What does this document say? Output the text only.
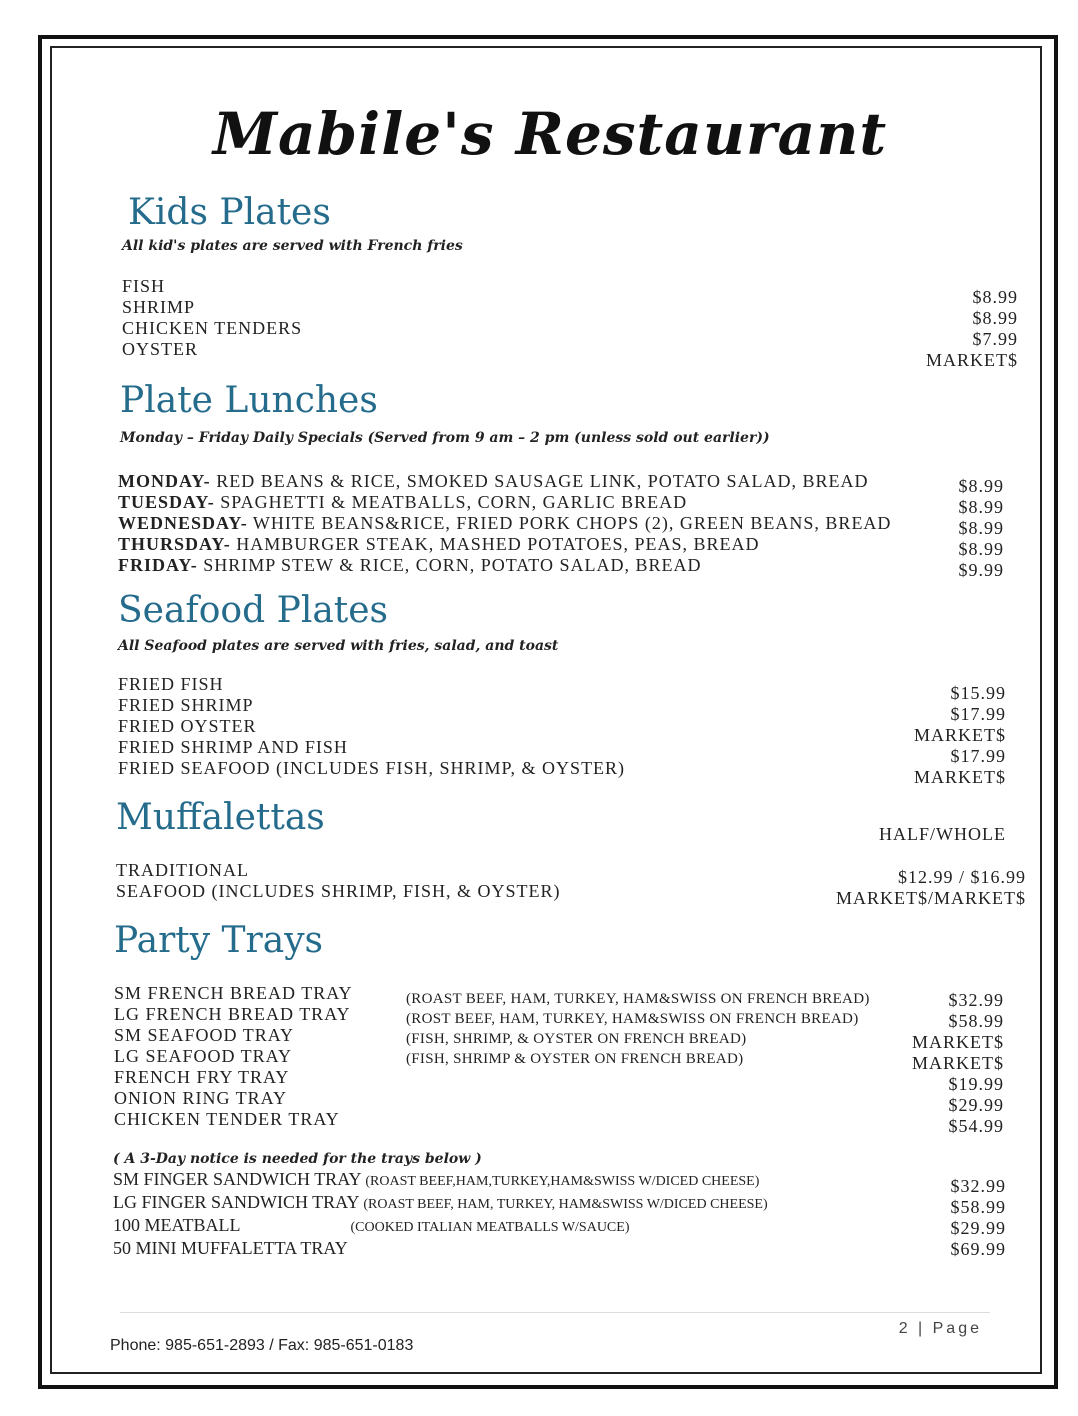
Mabile's Restaurant
Kids Plates
All kid's plates are served with French fries
FISH
SHRIMP
CHICKEN TENDERS
OYSTER
$8.99
$8.99
$7.99
MARKET$
Plate Lunches
Monday – Friday Daily Specials (Served from 9 am – 2 pm (unless sold out earlier))
MONDAY- RED BEANS & RICE, SMOKED SAUSAGE LINK, POTATO SALAD, BREAD
TUESDAY- SPAGHETTI & MEATBALLS, CORN, GARLIC BREAD
WEDNESDAY- WHITE BEANS&RICE, FRIED PORK CHOPS (2), GREEN BEANS, BREAD
THURSDAY- HAMBURGER STEAK, MASHED POTATOES, PEAS, BREAD
FRIDAY- SHRIMP STEW & RICE, CORN, POTATO SALAD, BREAD
$8.99
$8.99
$8.99
$8.99
$9.99
Seafood Plates
All Seafood plates are served with fries, salad, and toast
FRIED FISH
FRIED SHRIMP
FRIED OYSTER
FRIED SHRIMP AND FISH
FRIED SEAFOOD (INCLUDES FISH, SHRIMP, & OYSTER)
$15.99
$17.99
MARKET$
$17.99
MARKET$
Muffalettas	HALF/WHOLE
TRADITIONAL
SEAFOOD (INCLUDES SHRIMP, FISH, & OYSTER)
$12.99 / $16.99
MARKET$/MARKET$
Party Trays
SM FRENCH BREAD TRAY
LG FRENCH BREAD TRAY
SM SEAFOOD TRAY
LG SEAFOOD TRAY
FRENCH FRY TRAY
ONION RING TRAY
CHICKEN TENDER TRAY
(ROAST BEEF, HAM, TURKEY, HAM&SWISS ON FRENCH BREAD)
(ROST BEEF, HAM, TURKEY, HAM&SWISS ON FRENCH BREAD)
(FISH, SHRIMP, & OYSTER ON FRENCH BREAD)
(FISH, SHRIMP & OYSTER ON FRENCH BREAD)
$32.99
$58.99
MARKET$
MARKET$
$19.99
$29.99
$54.99
( A 3-Day notice is needed for the trays below )
SM FINGER SANDWICH TRAY (ROAST BEEF,HAM,TURKEY,HAM&SWISS W/DICED CHEESE)
LG FINGER SANDWICH TRAY (ROAST BEEF, HAM, TURKEY, HAM&SWISS W/DICED CHEESE)
100 MEATBALL	(COOKED ITALIAN MEATBALLS W/SAUCE)
50 MINI MUFFALETTA TRAY
$32.99
$58.99
$29.99
$69.99
2 | Page
Phone: 985-651-2893 / Fax: 985-651-0183
